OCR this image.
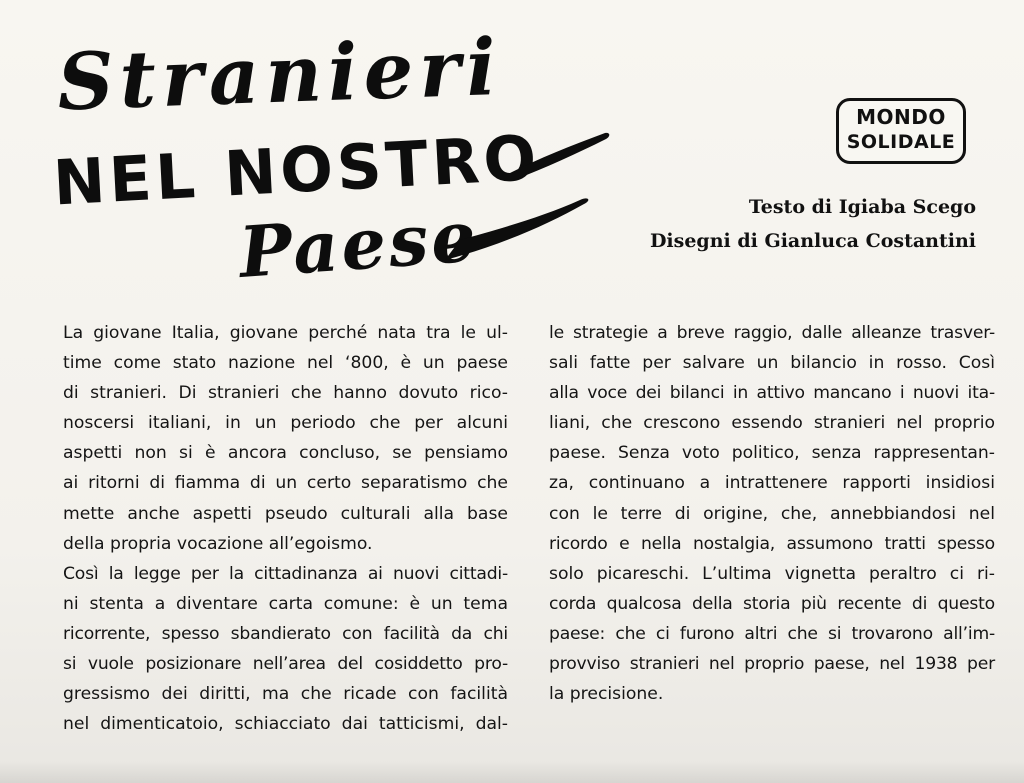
Stranieri
NEL NOSTRO
Paese
MONDO
SOLIDALE
Testo di Igiaba Scego
Disegni di Gianluca Costantini
La giovane Italia, giovane perché nata tra le ul-
time come stato nazione nel ‘800, è un paese
di stranieri. Di stranieri che hanno dovuto rico-
noscersi italiani, in un periodo che per alcuni
aspetti non si è ancora concluso, se pensiamo
ai ritorni di fiamma di un certo separatismo che
mette anche aspetti pseudo culturali alla base
della propria vocazione all’egoismo.
Così la legge per la cittadinanza ai nuovi cittadi-
ni stenta a diventare carta comune: è un tema
ricorrente, spesso sbandierato con facilità da chi
si vuole posizionare nell’area del cosiddetto pro-
gressismo dei diritti, ma che ricade con facilità
nel dimenticatoio, schiacciato dai tatticismi, dal-
le strategie a breve raggio, dalle alleanze trasver-
sali fatte per salvare un bilancio in rosso. Così
alla voce dei bilanci in attivo mancano i nuovi ita-
liani, che crescono essendo stranieri nel proprio
paese. Senza voto politico, senza rappresentan-
za, continuano a intrattenere rapporti insidiosi
con le terre di origine, che, annebbiandosi nel
ricordo e nella nostalgia, assumono tratti spesso
solo picareschi. L’ultima vignetta peraltro ci ri-
corda qualcosa della storia più recente di questo
paese: che ci furono altri che si trovarono all’im-
provviso stranieri nel proprio paese, nel 1938 per
la precisione.
